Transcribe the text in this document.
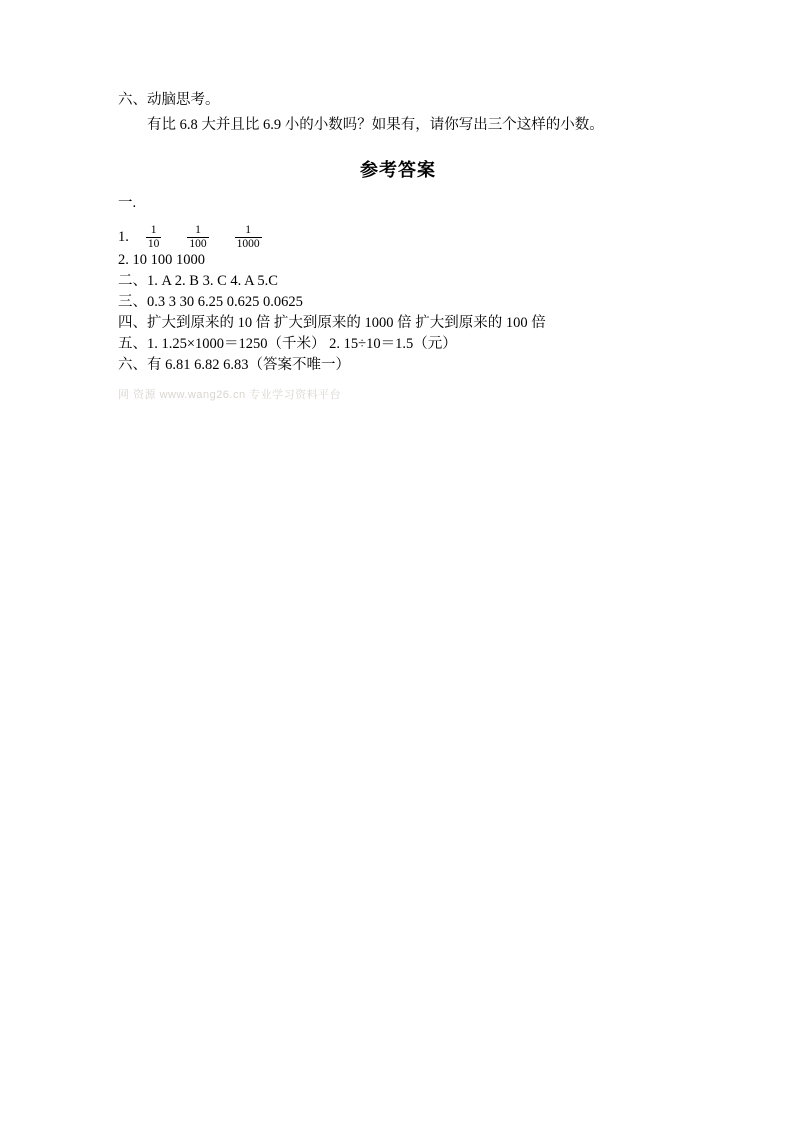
六、动脑思考。
有比 6.8 大并且比 6.9 小的小数吗？如果有，请你写出三个这样的小数。
参考答案
一.
1. $\frac{1}{10} \frac{1}{100} \frac{1}{1000}$
2. 10 100 1000
二、1. A 2. B 3. C 4. A 5.C
三、0.3 3 30 6.25 0.625 0.0625
四、扩大到原来的 10 倍 扩大到原来的 1000 倍 扩大到原来的 100 倍
五、1. 1.25×1000＝1250（千米） 2. 15÷10＝1.5（元）
六、有 6.81 6.82 6.83（答案不唯一）
网 资源 www.wang26.cn 专业学习资料平台
